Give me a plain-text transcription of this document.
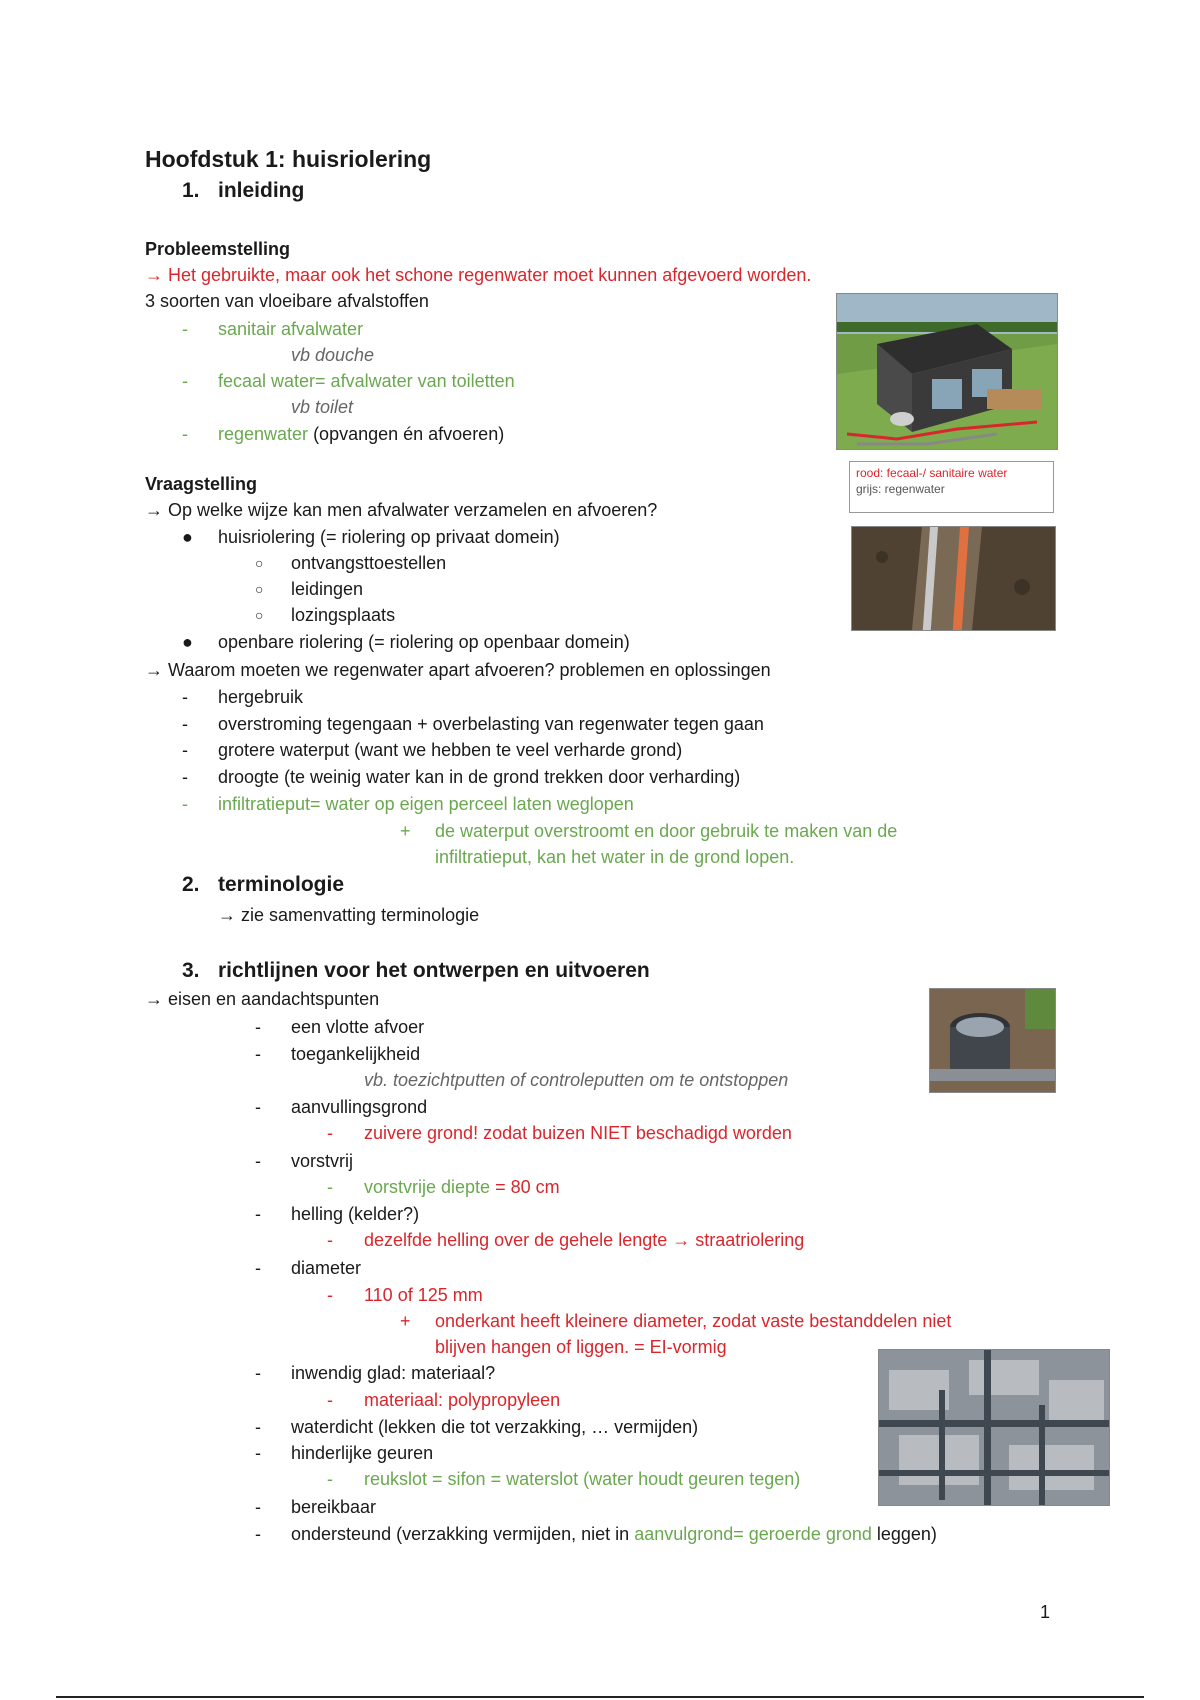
Hoofdstuk 1: huisriolering
1. inleiding
Probleemstelling
→ Het gebruikte, maar ook het schone regenwater moet kunnen afgevoerd worden.
3 soorten van vloeibare afvalstoffen
- sanitair afvalwater
vb douche
- fecaal water= afvalwater van toiletten
vb toilet
- regenwater (opvangen én afvoeren)
rood: fecaal-/ sanitaire water
grijs: regenwater
Vraagstelling
→ Op welke wijze kan men afvalwater verzamelen en afvoeren?
● huisriolering (= riolering op privaat domein)
○ ontvangsttoestellen
○ leidingen
○ lozingsplaats
● openbare riolering (= riolering op openbaar domein)
→ Waarom moeten we regenwater apart afvoeren? problemen en oplossingen
- hergebruik
- overstroming tegengaan + overbelasting van regenwater tegen gaan
- grotere waterput (want we hebben te veel verharde grond)
- droogte (te weinig water kan in de grond trekken door verharding)
- infiltratieput= water op eigen perceel laten weglopen
+ de waterput overstroomt en door gebruik te maken van de
infiltratieput, kan het water in de grond lopen.
2. terminologie
→ zie samenvatting terminologie
3. richtlijnen voor het ontwerpen en uitvoeren
→ eisen en aandachtspunten
- een vlotte afvoer
- toegankelijkheid
vb. toezichtputten of controleputten om te ontstoppen
- aanvullingsgrond
- zuivere grond! zodat buizen NIET beschadigd worden
- vorstvrij
- vorstvrije diepte = 80 cm
- helling (kelder?)
- dezelfde helling over de gehele lengte → straatriolering
- diameter
- 110 of 125 mm
+ onderkant heeft kleinere diameter, zodat vaste bestanddelen niet
blijven hangen of liggen. = EI-vormig
- inwendig glad: materiaal?
- materiaal: polypropyleen
- waterdicht (lekken die tot verzakking, … vermijden)
- hinderlijke geuren
- reukslot = sifon = waterslot (water houdt geuren tegen)
- bereikbaar
- ondersteund (verzakking vermijden, niet in aanvulgrond= geroerde grond leggen)
1
